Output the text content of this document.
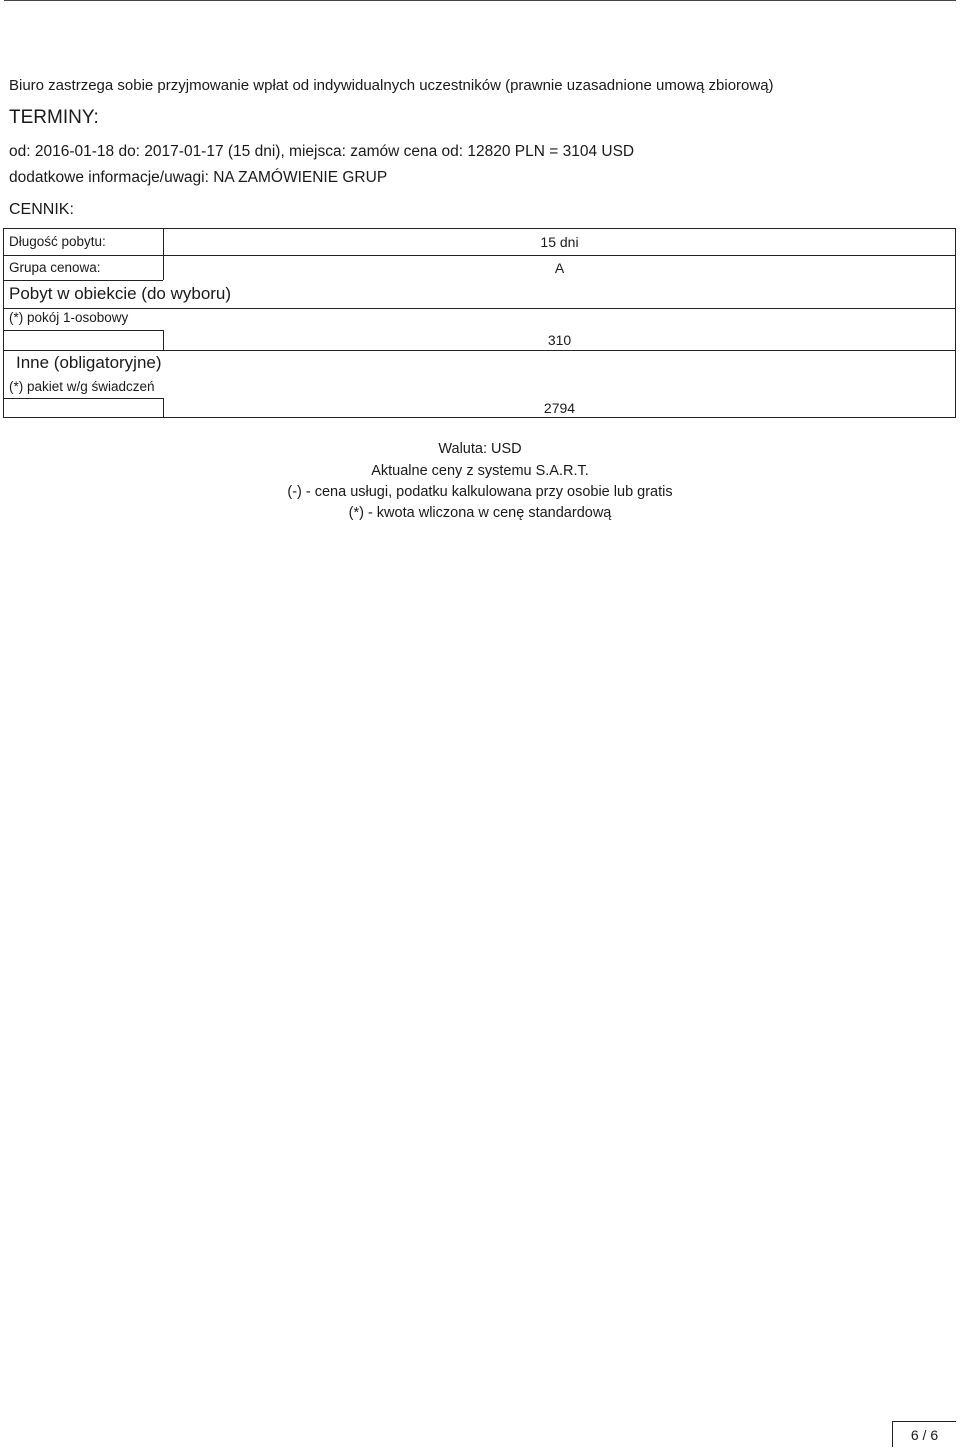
Biuro zastrzega sobie przyjmowanie wpłat od indywidualnych uczestników (prawnie uzasadnione umową zbiorową)
TERMINY:
od: 2016-01-18 do: 2017-01-17 (15 dni), miejsca: zamów cena od: 12820 PLN = 3104 USD
dodatkowe informacje/uwagi: NA ZAMÓWIENIE GRUP
CENNIK:
Długość pobytu:	15 dni
Grupa cenowa:	A
Pobyt w obiekcie (do wyboru)
(*) pokój 1-osobowy
310
Inne (obligatoryjne)
(*) pakiet w/g świadczeń
2794
Waluta: USD
Aktualne ceny z systemu S.A.R.T.
(-) - cena usługi, podatku kalkulowana przy osobie lub gratis
(*) - kwota wliczona w cenę standardową
6 / 6
